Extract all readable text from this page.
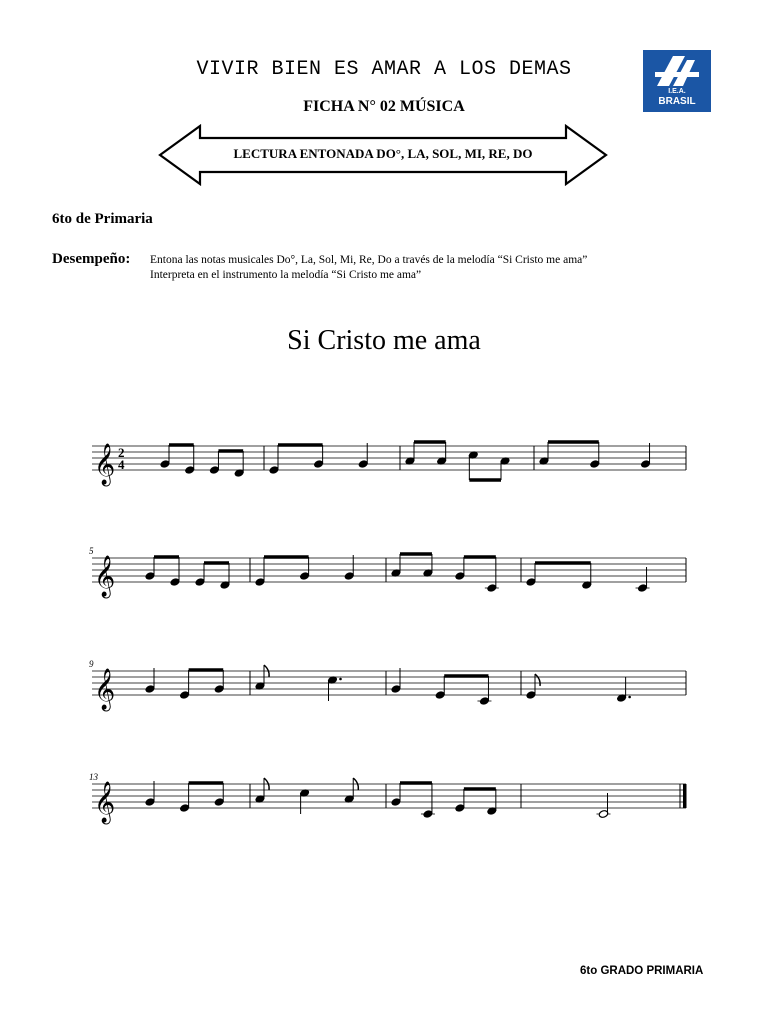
VIVIR BIEN ES AMAR A LOS DEMAS
FICHA N° 02 MÚSICA
I.E.A.
BRASIL
LECTURA ENTONADA DO°, LA, SOL, MI, RE, DO
6to de Primaria
Desempeño: Entona las notas musicales Do°, La, Sol, Mi, Re, Do a través de la melodía “Si Cristo me ama”
Interpreta en el instrumento la melodía “Si Cristo me ama”
Si Cristo me ama
𝄞 2
4
𝄞
5
𝄞
9
𝄞
13
6to GRADO PRIMARIA
